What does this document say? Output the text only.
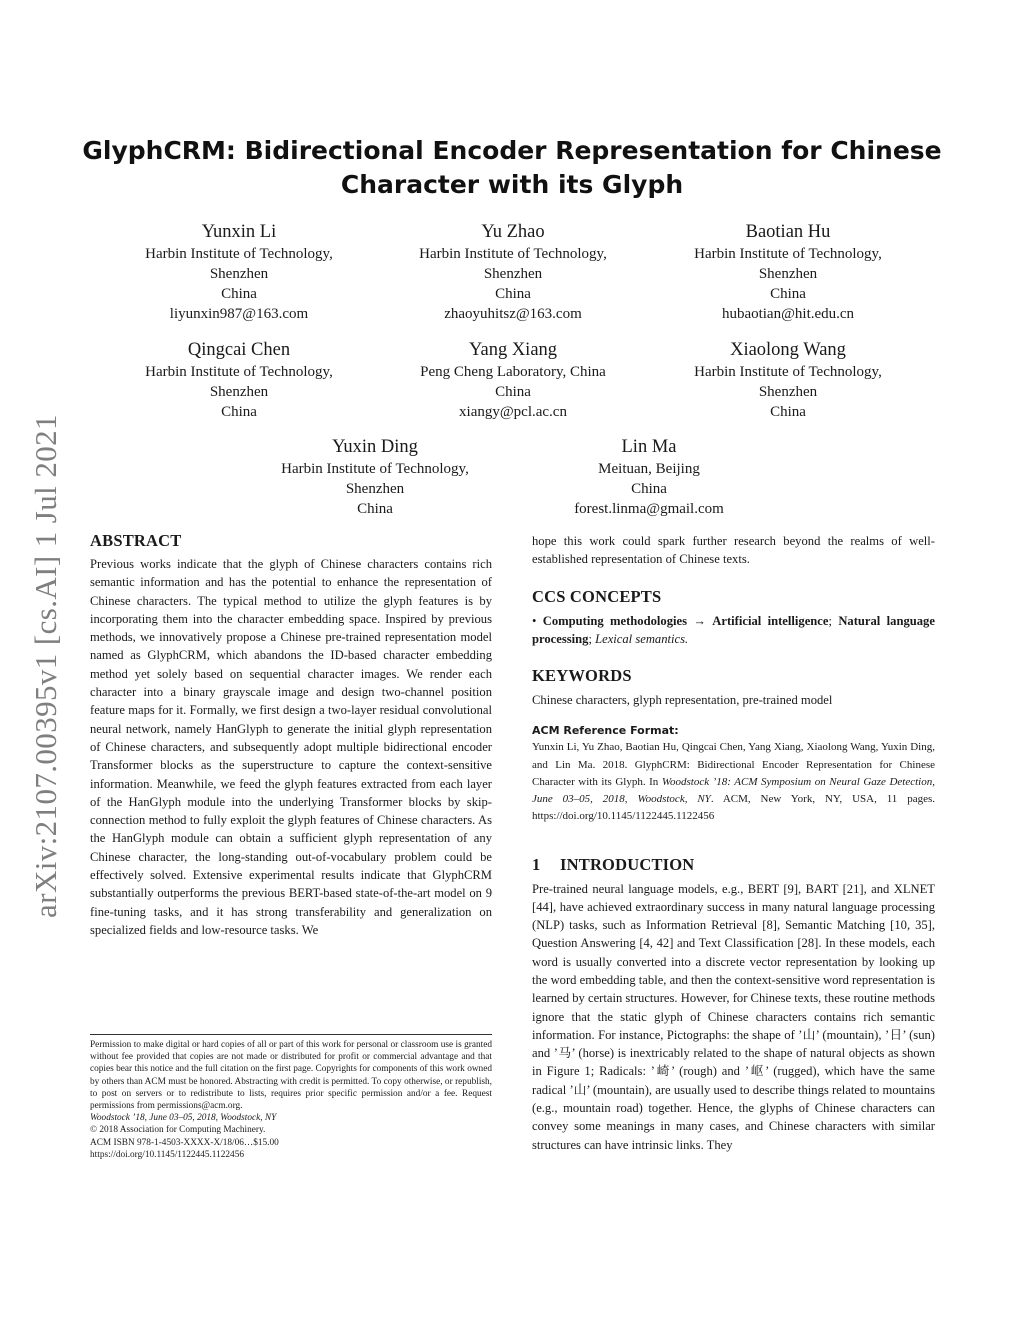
arXiv:2107.00395v1 [cs.AI] 1 Jul 2021
GlyphCRM: Bidirectional Encoder Representation for Chinese Character with its Glyph
Yunxin Li
Harbin Institute of Technology,
Shenzhen
China
liyunxin987@163.com
Yu Zhao
Harbin Institute of Technology,
Shenzhen
China
zhaoyuhitsz@163.com
Baotian Hu
Harbin Institute of Technology,
Shenzhen
China
hubaotian@hit.edu.cn
Qingcai Chen
Harbin Institute of Technology,
Shenzhen
China
Yang Xiang
Peng Cheng Laboratory, China
China
xiangy@pcl.ac.cn
Xiaolong Wang
Harbin Institute of Technology,
Shenzhen
China
Yuxin Ding
Harbin Institute of Technology,
Shenzhen
China
Lin Ma
Meituan, Beijing
China
forest.linma@gmail.com
ABSTRACT

Previous works indicate that the glyph of Chinese characters contains rich semantic information and has the potential to enhance the representation of Chinese characters. The typical method to utilize the glyph features is by incorporating them into the character embedding space. Inspired by previous methods, we innovatively propose a Chinese pre-trained representation model named as GlyphCRM, which abandons the ID-based character embedding method yet solely based on sequential character images. We render each character into a binary grayscale image and design two-channel position feature maps for it. Formally, we first design a two-layer residual convolutional neural network, namely HanGlyph to generate the initial glyph representation of Chinese characters, and subsequently adopt multiple bidirectional encoder Transformer blocks as the superstructure to capture the context-sensitive information. Meanwhile, we feed the glyph features extracted from each layer of the HanGlyph module into the underlying Transformer blocks by skip-connection method to fully exploit the glyph features of Chinese characters. As the HanGlyph module can obtain a sufficient glyph representation of any Chinese character, the long-standing out-of-vocabulary problem could be effectively solved. Extensive experimental results indicate that GlyphCRM substantially outperforms the previous BERT-based state-of-the-art model on 9 fine-tuning tasks, and it has strong transferability and generalization on specialized fields and low-resource tasks. We

Permission to make digital or hard copies of all or part of this work for personal or classroom use is granted without fee provided that copies are not made or distributed for profit or commercial advantage and that copies bear this notice and the full citation on the first page. Copyrights for components of this work owned by others than ACM must be honored. Abstracting with credit is permitted. To copy otherwise, or republish, to post on servers or to redistribute to lists, requires prior specific permission and/or a fee. Request permissions from permissions@acm.org.

Woodstock ’18, June 03–05, 2018, Woodstock, NY

© 2018 Association for Computing Machinery.

ACM ISBN 978-1-4503-XXXX-X/18/06…$15.00

https://doi.org/10.1145/1122445.1122456

hope this work could spark further research beyond the realms of well-established representation of Chinese texts.

CCS CONCEPTS

• Computing methodologies → Artificial intelligence; Natural language processing; Lexical semantics.

KEYWORDS

Chinese characters, glyph representation, pre-trained model

ACM Reference Format:

Yunxin Li, Yu Zhao, Baotian Hu, Qingcai Chen, Yang Xiang, Xiaolong Wang, Yuxin Ding, and Lin Ma. 2018. GlyphCRM: Bidirectional Encoder Representation for Chinese Character with its Glyph. In Woodstock ’18: ACM Symposium on Neural Gaze Detection, June 03–05, 2018, Woodstock, NY. ACM, New York, NY, USA, 11 pages. https://doi.org/10.1145/1122445.1122456

1 INTRODUCTION

Pre-trained neural language models, e.g., BERT [9], BART [21], and XLNET [44], have achieved extraordinary success in many natural language processing (NLP) tasks, such as Information Retrieval [8], Semantic Matching [10, 35], Question Answering [4, 42] and Text Classification [28]. In these models, each word is usually converted into a discrete vector representation by looking up the word embedding table, and then the context-sensitive word representation is learned by certain structures. However, for Chinese texts, these routine methods ignore that the static glyph of Chinese characters contains rich semantic information. For instance, Pictographs: the shape of ’山’ (mountain), ’日’ (sun) and ’马’ (horse) is inextricably related to the shape of natural objects as shown in Figure 1; Radicals: ’崎’ (rough) and ’岖’ (rugged), which have the same radical ’山’ (mountain), are usually used to describe things related to mountains (e.g., mountain road) together. Hence, the glyphs of Chinese characters can convey some meanings in many cases, and Chinese characters with similar structures can have intrinsic links. They
